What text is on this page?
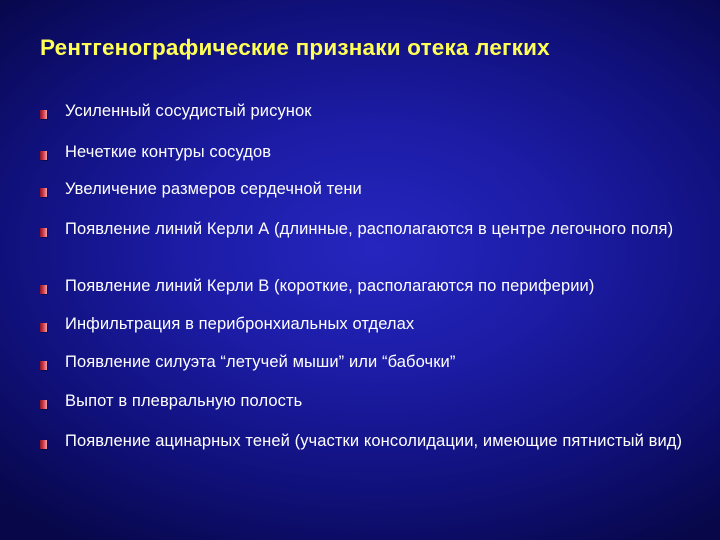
Рентгенографические признаки отека легких
Усиленный сосудистый рисунок
Нечеткие контуры сосудов
Увеличение размеров сердечной тени
Появление линий Керли А (длинные, располагаются в центре легочного поля)
Появление линий Керли В (короткие, располагаются по периферии)
Инфильтрация в перибронхиальных отделах
Появление силуэта “летучей мыши” или “бабочки”
Выпот в плевральную полость
Появление ацинарных теней (участки консолидации, имеющие пятнистый вид)
